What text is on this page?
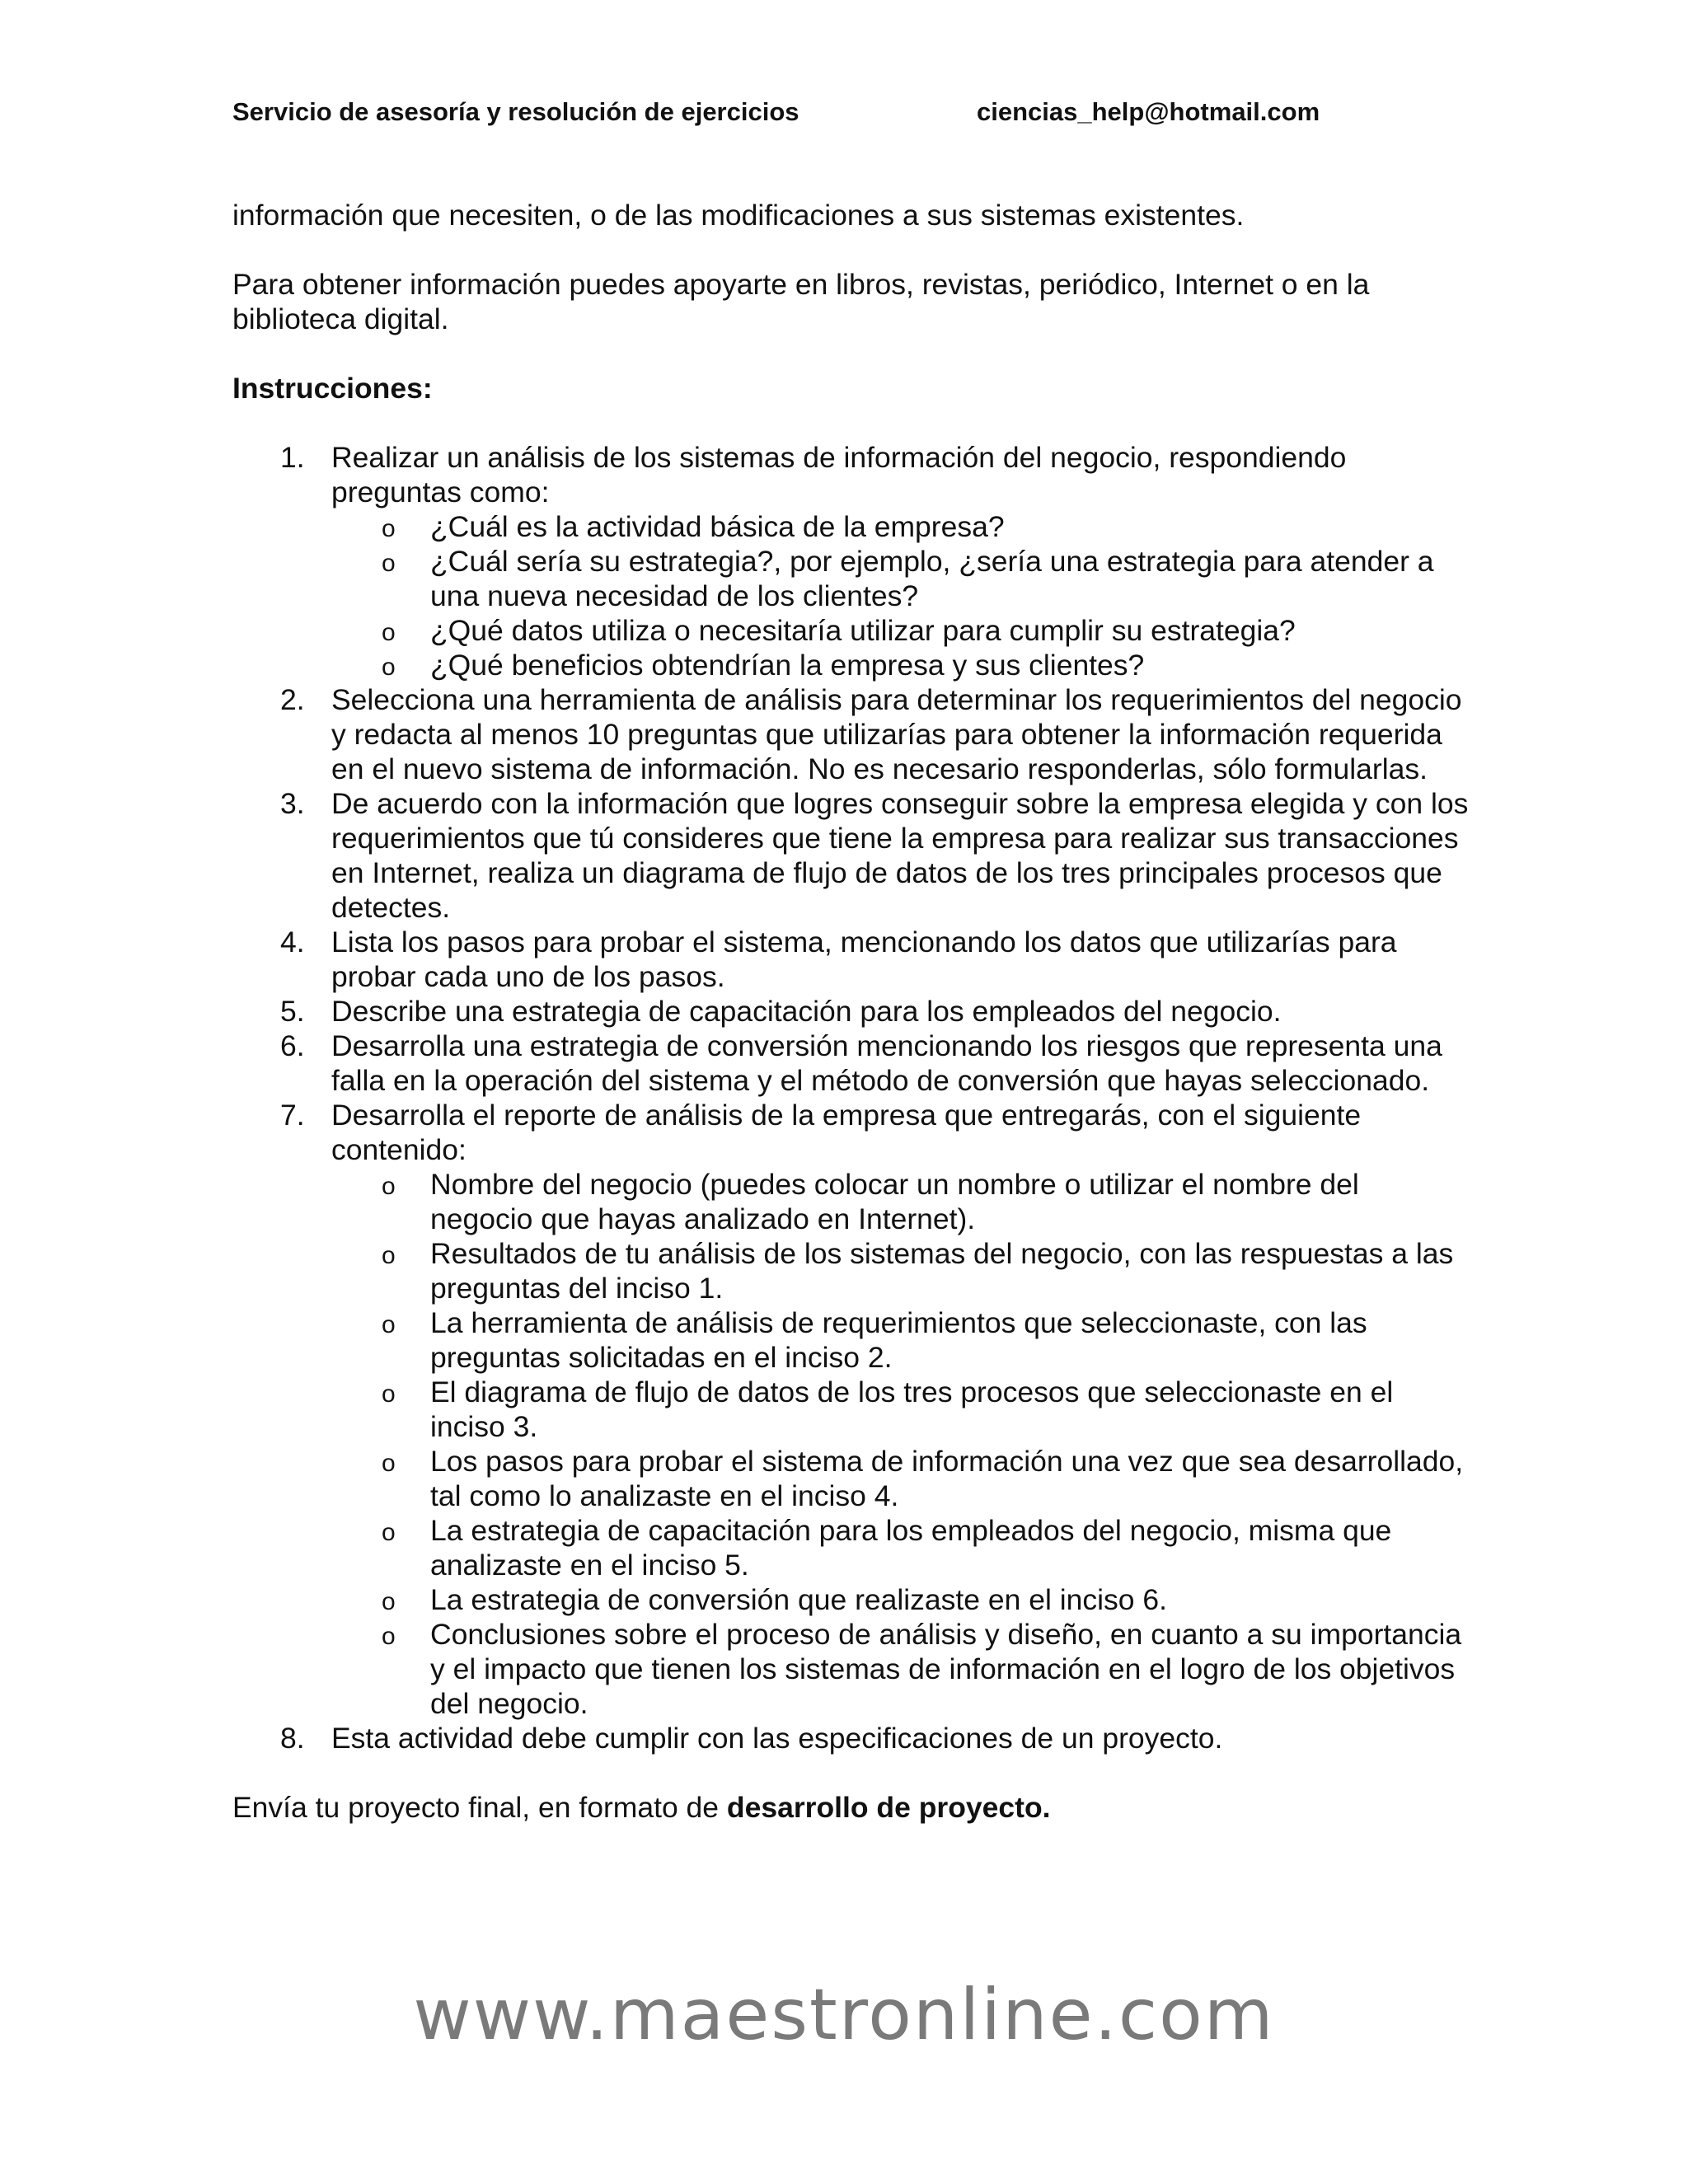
Servicio de asesoría y resolución de ejercicios	ciencias_help@hotmail.com

información que necesiten, o de las modificaciones a sus sistemas existentes.

Para obtener información puedes apoyarte en libros, revistas, periódico, Internet o en la biblioteca digital.

Instrucciones:

1. Realizar un análisis de los sistemas de información del negocio, respondiendo preguntas como:
o ¿Cuál es la actividad básica de la empresa?
o ¿Cuál sería su estrategia?, por ejemplo, ¿sería una estrategia para atender a una nueva necesidad de los clientes?
o ¿Qué datos utiliza o necesitaría utilizar para cumplir su estrategia?
o ¿Qué beneficios obtendrían la empresa y sus clientes?
2. Selecciona una herramienta de análisis para determinar los requerimientos del negocio y redacta al menos 10 preguntas que utilizarías para obtener la información requerida en el nuevo sistema de información. No es necesario responderlas, sólo formularlas.
3. De acuerdo con la información que logres conseguir sobre la empresa elegida y con los requerimientos que tú consideres que tiene la empresa para realizar sus transacciones en Internet, realiza un diagrama de flujo de datos de los tres principales procesos que detectes.
4. Lista los pasos para probar el sistema, mencionando los datos que utilizarías para probar cada uno de los pasos.
5. Describe una estrategia de capacitación para los empleados del negocio.
6. Desarrolla una estrategia de conversión mencionando los riesgos que representa una falla en la operación del sistema y el método de conversión que hayas seleccionado.
7. Desarrolla el reporte de análisis de la empresa que entregarás, con el siguiente contenido:
o Nombre del negocio (puedes colocar un nombre o utilizar el nombre del negocio que hayas analizado en Internet).
o Resultados de tu análisis de los sistemas del negocio, con las respuestas a las preguntas del inciso 1.
o La herramienta de análisis de requerimientos que seleccionaste, con las preguntas solicitadas en el inciso 2.
o El diagrama de flujo de datos de los tres procesos que seleccionaste en el inciso 3.
o Los pasos para probar el sistema de información una vez que sea desarrollado, tal como lo analizaste en el inciso 4.
o La estrategia de capacitación para los empleados del negocio, misma que analizaste en el inciso 5.
o La estrategia de conversión que realizaste en el inciso 6.
o Conclusiones sobre el proceso de análisis y diseño, en cuanto a su importancia y el impacto que tienen los sistemas de información en el logro de los objetivos del negocio.
8. Esta actividad debe cumplir con las especificaciones de un proyecto.

Envía tu proyecto final, en formato de desarrollo de proyecto.

www.maestronline.com
